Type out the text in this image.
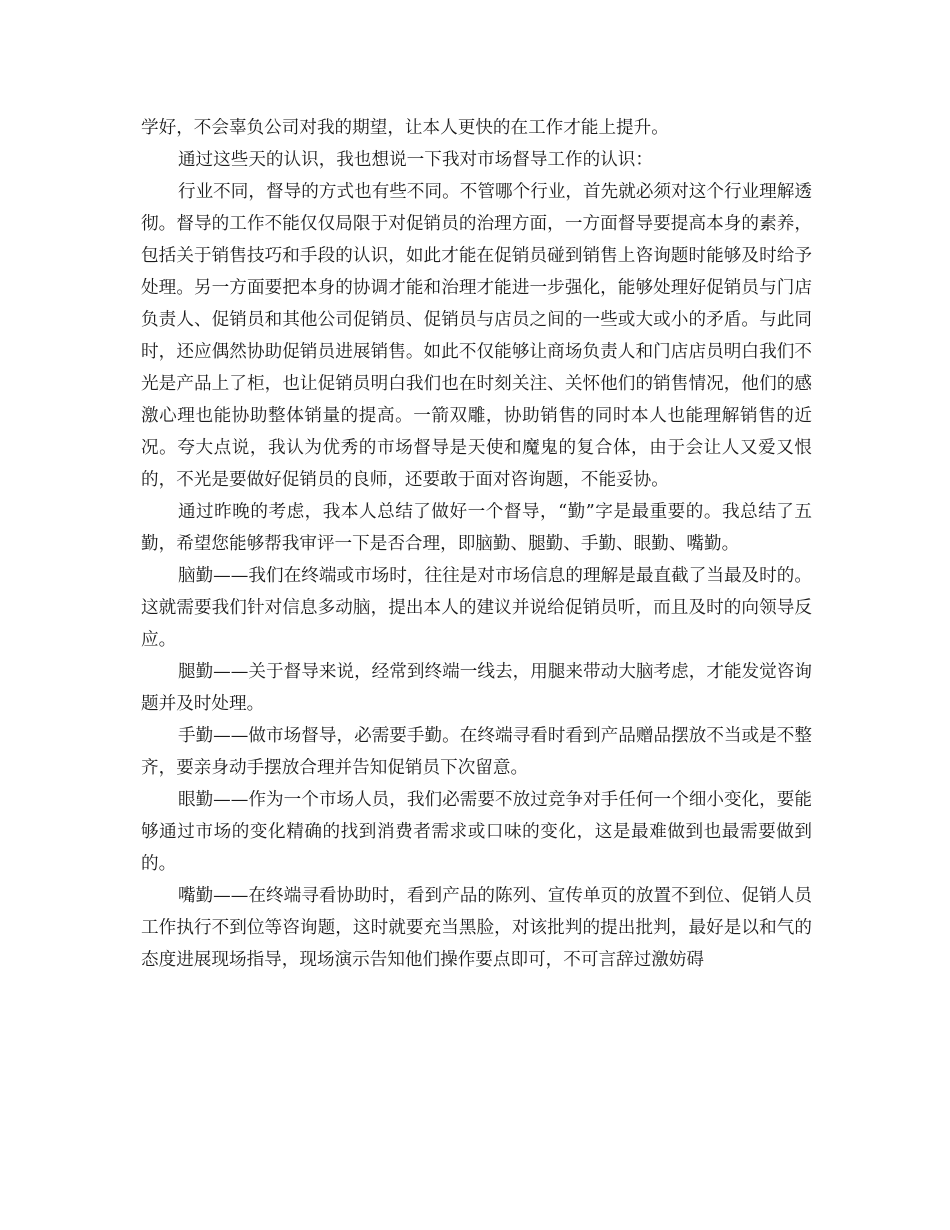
学好，不会辜负公司对我的期望，让本人更快的在工作才能上提升。

通过这些天的认识，我也想说一下我对市场督导工作的认识：

行业不同，督导的方式也有些不同。不管哪个行业，首先就必须对这个行业理解透彻。督导的工作不能仅仅局限于对促销员的治理方面，一方面督导要提高本身的素养，包括关于销售技巧和手段的认识，如此才能在促销员碰到销售上咨询题时能够及时给予处理。另一方面要把本身的协调才能和治理才能进一步强化，能够处理好促销员与门店负责人、促销员和其他公司促销员、促销员与店员之间的一些或大或小的矛盾。与此同时，还应偶然协助促销员进展销售。如此不仅能够让商场负责人和门店店员明白我们不光是产品上了柜，也让促销员明白我们也在时刻关注、关怀他们的销售情况，他们的感激心理也能协助整体销量的提高。一箭双雕，协助销售的同时本人也能理解销售的近况。夸大点说，我认为优秀的市场督导是天使和魔鬼的复合体，由于会让人又爱又恨的，不光是要做好促销员的良师，还要敢于面对咨询题，不能妥协。

通过昨晚的考虑，我本人总结了做好一个督导，“勤”字是最重要的。我总结了五勤，希望您能够帮我审评一下是否合理，即脑勤、腿勤、手勤、眼勤、嘴勤。

脑勤——我们在终端或市场时，往往是对市场信息的理解是最直截了当最及时的。这就需要我们针对信息多动脑，提出本人的建议并说给促销员听，而且及时的向领导反应。

腿勤——关于督导来说，经常到终端一线去，用腿来带动大脑考虑，才能发觉咨询题并及时处理。

手勤——做市场督导，必需要手勤。在终端寻看时看到产品赠品摆放不当或是不整齐，要亲身动手摆放合理并告知促销员下次留意。

眼勤——作为一个市场人员，我们必需要不放过竞争对手任何一个细小变化，要能够通过市场的变化精确的找到消费者需求或口味的变化，这是最难做到也最需要做到的。

嘴勤——在终端寻看协助时，看到产品的陈列、宣传单页的放置不到位、促销人员工作执行不到位等咨询题，这时就要充当黑脸，对该批判的提出批判，最好是以和气的态度进展现场指导，现场演示告知他们操作要点即可，不可言辞过激妨碍
